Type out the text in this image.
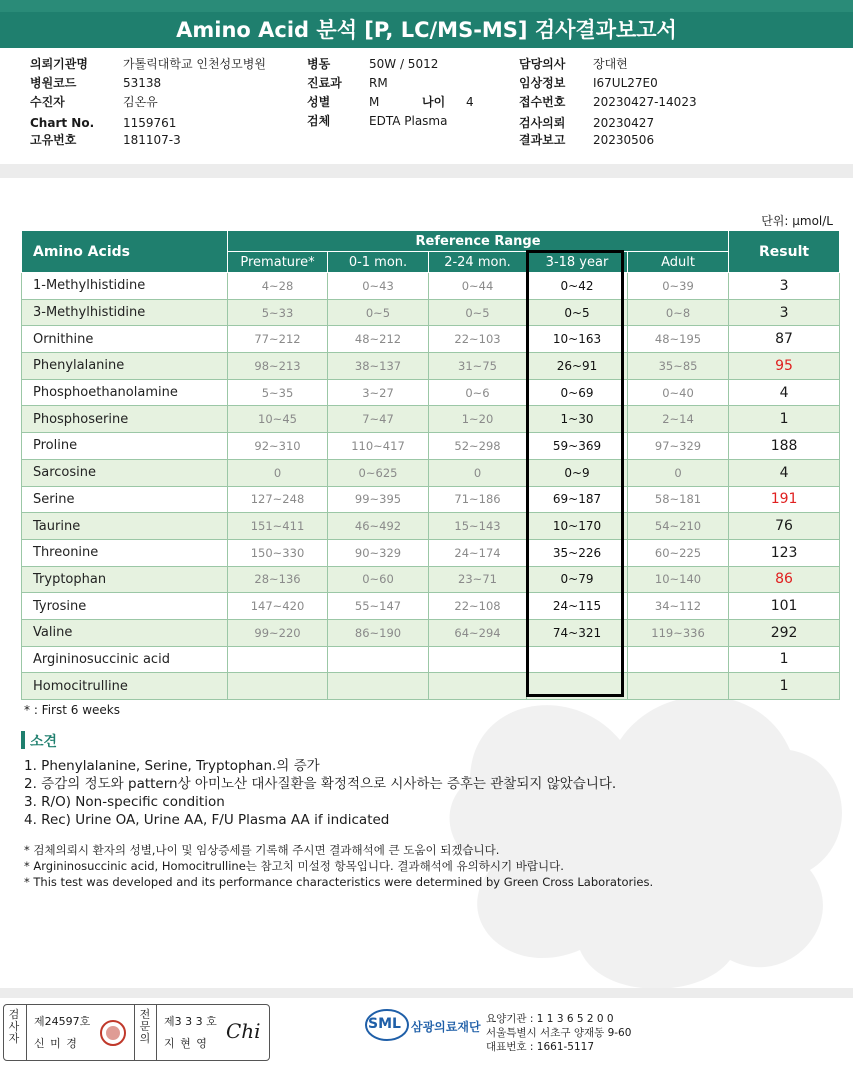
Amino Acid 분석 [P, LC/MS-MS] 검사결과보고서
의뢰기관명	가톨릭대학교 인천성모병원
병원코드	53138
수진자	김온유
Chart No. 1159761
고유번호	181107-3
병동	50W / 5012
진료과 RM
성별	M	나이 4
검체	EDTA Plasma
담당의사 장대현
임상정보 I67UL27E0
접수번호 20230427-14023
검사의뢰 20230427
결과보고 20230506
단위: μmol/L
Amino Acids	Reference Range					Result
	Premature*	0-1 mon.	2-24 mon.	3-18 year	Adult	
1-Methylhistidine	4~28	0~43	0~44	0~42	0~39	3
3-Methylhistidine	5~33	0~5	0~5	0~5	0~8	3
Ornithine	77~212	48~212	22~103	10~163	48~195	87
Phenylalanine	98~213	38~137	31~75	26~91	35~85	95
Phosphoethanolamine	5~35	3~27	0~6	0~69	0~40	4
Phosphoserine	10~45	7~47	1~20	1~30	2~14	1
Proline	92~310	110~417	52~298	59~369	97~329	188
Sarcosine	0	0~625	0	0~9	0	4
Serine	127~248	99~395	71~186	69~187	58~181	191
Taurine	151~411	46~492	15~143	10~170	54~210	76
Threonine	150~330	90~329	24~174	35~226	60~225	123
Tryptophan	28~136	0~60	23~71	0~79	10~140	86
Tyrosine	147~420	55~147	22~108	24~115	34~112	101
Valine	99~220	86~190	64~294	74~321	119~336	292
Argininosuccinic acid						1
Homocitrulline						1
* : First 6 weeks
소견
1. Phenylalanine, Serine, Tryptophan.의 증가
2. 증감의 정도와 pattern상 아미노산 대사질환을 확정적으로 시사하는 증후는 관찰되지 않았습니다.
3. R/O) Non-specific condition
4. Rec) Urine OA, Urine AA, F/U Plasma AA if indicated
* 검체의뢰시 환자의 성별,나이 및 임상증세를 기록해 주시면 결과해석에 큰 도움이 되겠습니다.
* Argininosuccinic acid, Homocitrulline는 참고치 미설정 항목입니다. 결과해석에 유의하시기 바랍니다.
* This test was developed and its performance characteristics were determined by Green Cross Laboratories.
검사자
제24597호
신 미 경
전문의
제3 3 3 호
지 현 영
Chi	SML 삼광의료재단
요양기관 : 1 1 3 6 5 2 0 0
서울특별시 서초구 양재동 9-60
대표번호 : 1661-5117
